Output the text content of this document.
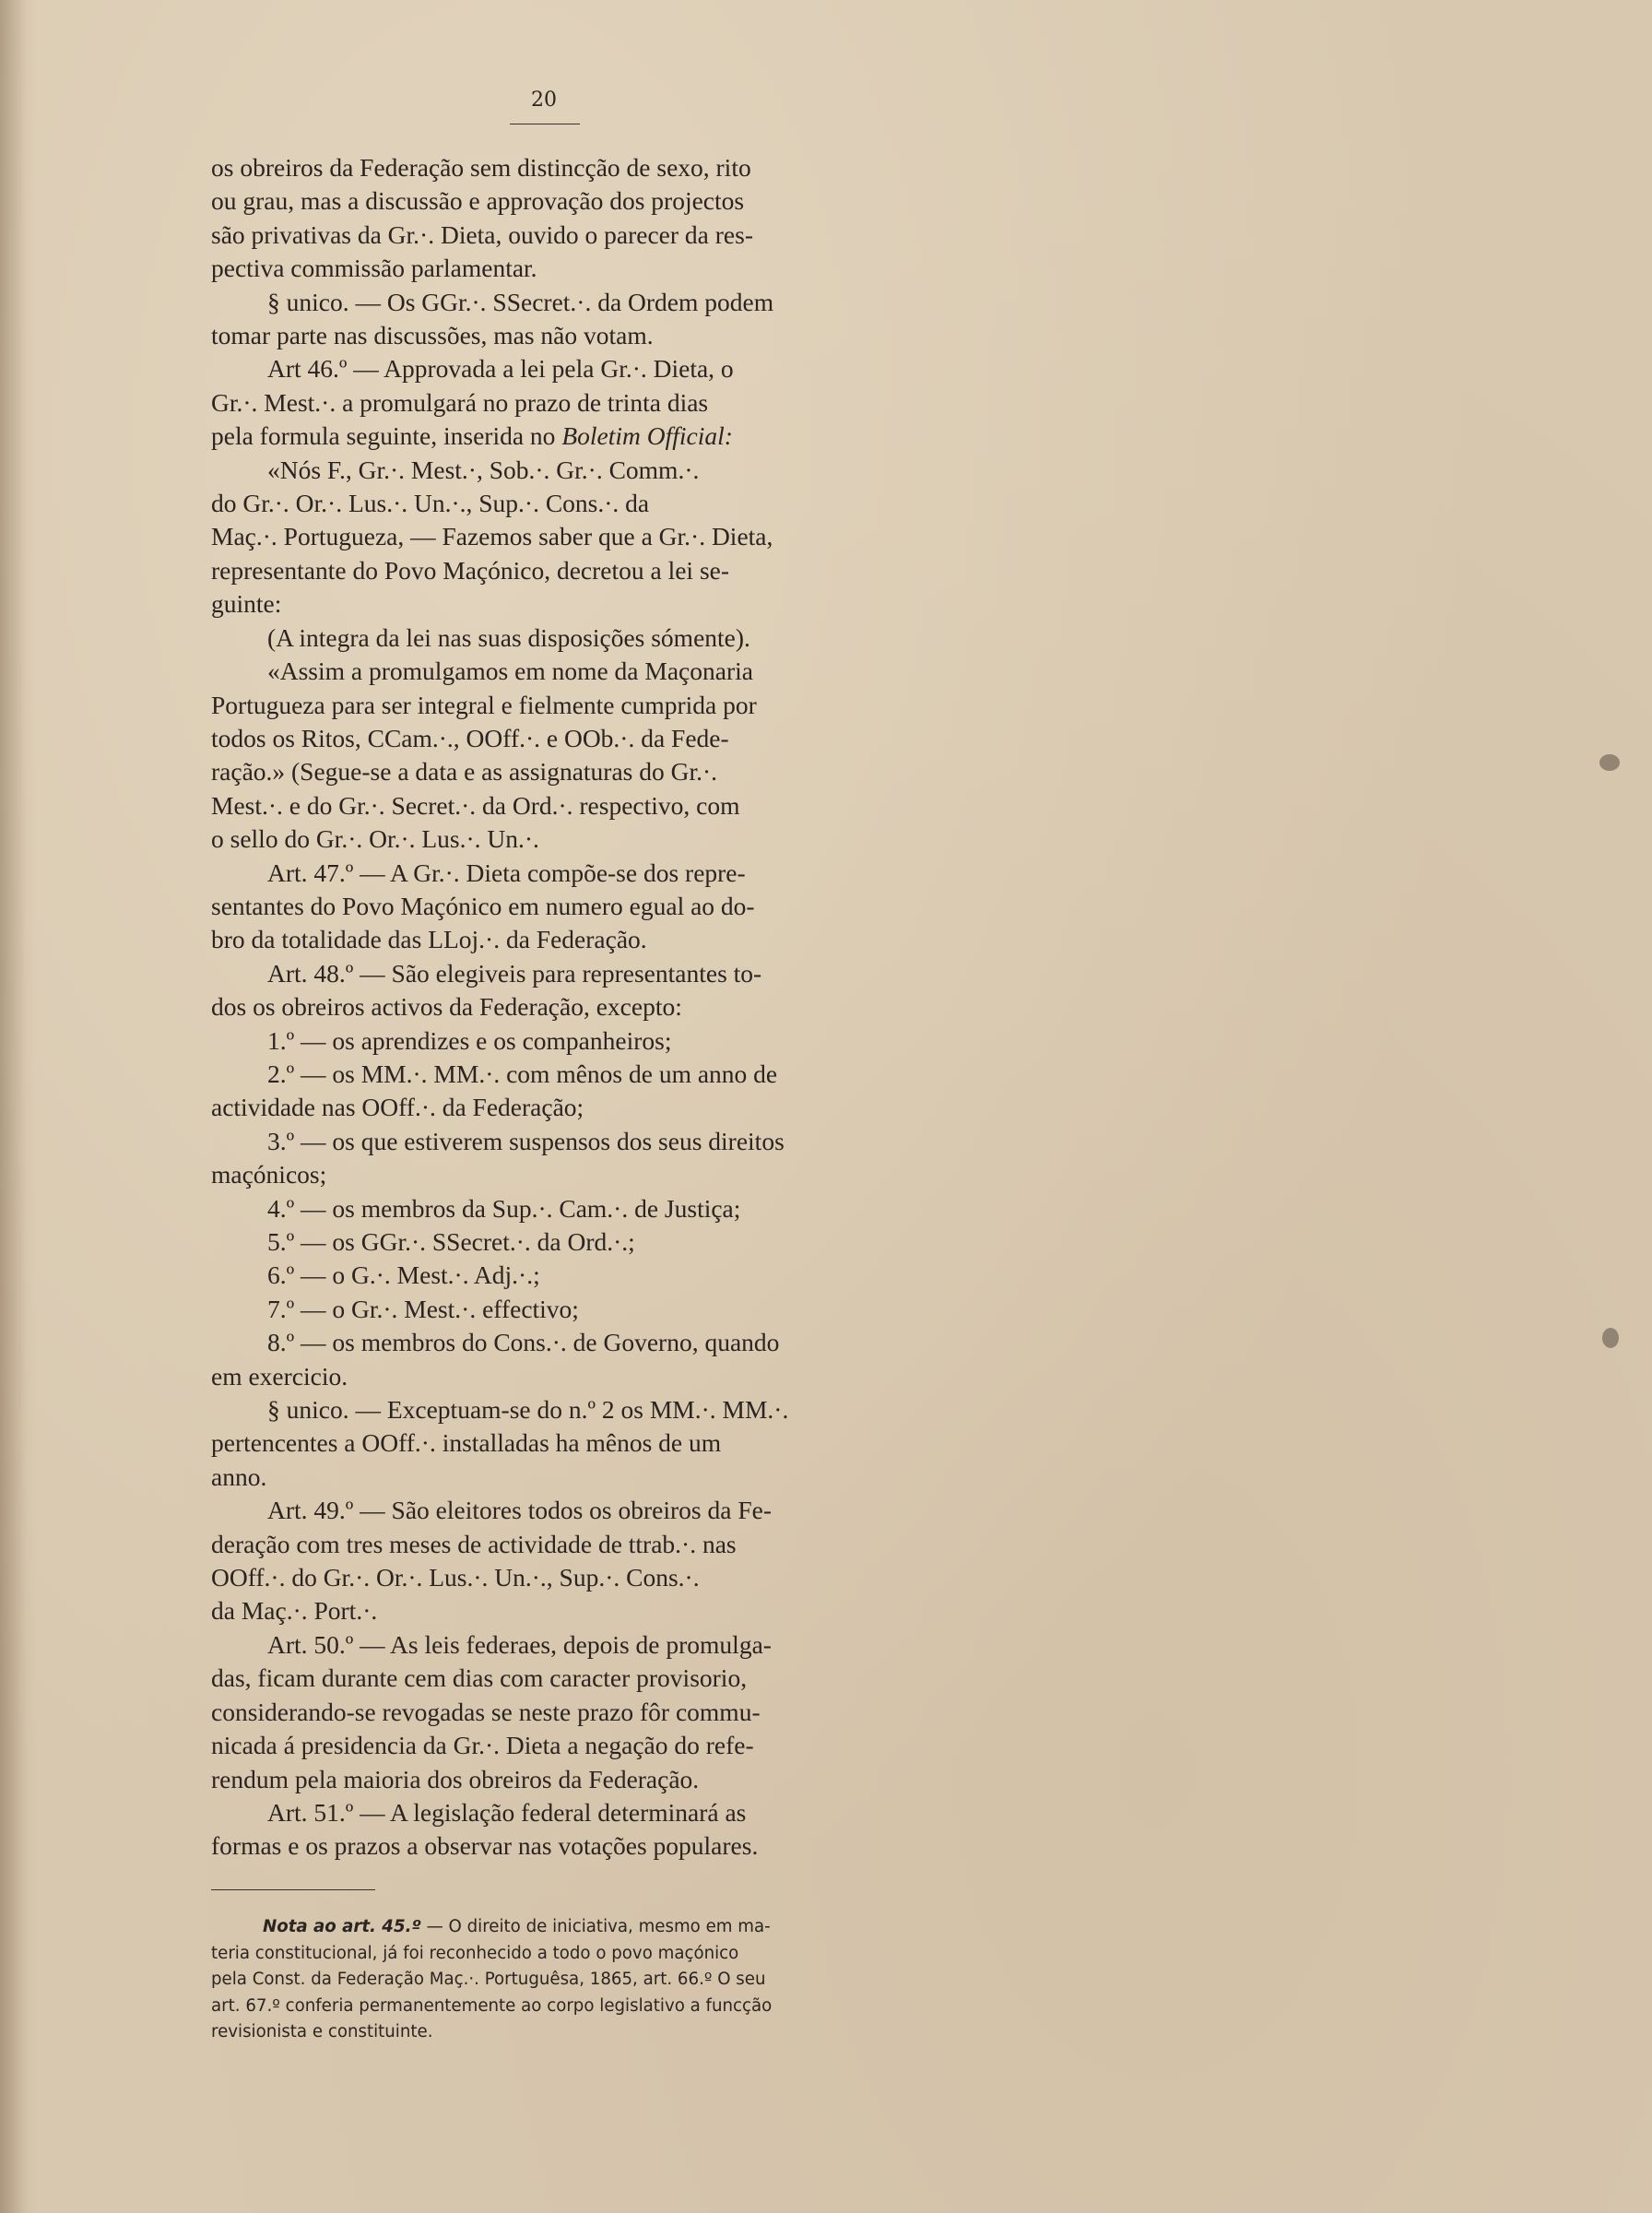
20

os obreiros da Federação sem distincção de sexo, rito

ou grau, mas a discussão e approvação dos projectos

são privativas da Gr.·. Dieta, ouvido o parecer da res-

pectiva commissão parlamentar.

§ unico. — Os GGr.·. SSecret.·. da Ordem podem

tomar parte nas discussões, mas não votam.

Art 46.º — Approvada a lei pela Gr.·. Dieta, o

Gr.·. Mest.·. a promulgará no prazo de trinta dias

pela formula seguinte, inserida no Boletim Official:

«Nós F., Gr.·. Mest.·, Sob.·. Gr.·. Comm.·.

do Gr.·. Or.·. Lus.·. Un.·., Sup.·. Cons.·. da

Maç.·. Portugueza, — Fazemos saber que a Gr.·. Dieta,

representante do Povo Maçónico, decretou a lei se-

guinte:

(A integra da lei nas suas disposições sómente).

«Assim a promulgamos em nome da Maçonaria

Portugueza para ser integral e fielmente cumprida por

todos os Ritos, CCam.·., OOff.·. e OOb.·. da Fede-

ração.» (Segue-se a data e as assignaturas do Gr.·.

Mest.·. e do Gr.·. Secret.·. da Ord.·. respectivo, com

o sello do Gr.·. Or.·. Lus.·. Un.·.

Art. 47.º — A Gr.·. Dieta compõe-se dos repre-

sentantes do Povo Maçónico em numero egual ao do-

bro da totalidade das LLoj.·. da Federação.

Art. 48.º — São elegiveis para representantes to-

dos os obreiros activos da Federação, excepto:

1.º — os aprendizes e os companheiros;

2.º — os MM.·. MM.·. com mênos de um anno de

actividade nas OOff.·. da Federação;

3.º — os que estiverem suspensos dos seus direitos

maçónicos;

4.º — os membros da Sup.·. Cam.·. de Justiça;

5.º — os GGr.·. SSecret.·. da Ord.·.;

6.º — o G.·. Mest.·. Adj.·.;

7.º — o Gr.·. Mest.·. effectivo;

8.º — os membros do Cons.·. de Governo, quando

em exercicio.

§ unico. — Exceptuam-se do n.º 2 os MM.·. MM.·.

pertencentes a OOff.·. installadas ha mênos de um

anno.

Art. 49.º — São eleitores todos os obreiros da Fe-

deração com tres meses de actividade de ttrab.·. nas

OOff.·. do Gr.·. Or.·. Lus.·. Un.·., Sup.·. Cons.·.

da Maç.·. Port.·.

Art. 50.º — As leis federaes, depois de promulga-

das, ficam durante cem dias com caracter provisorio,

considerando-se revogadas se neste prazo fôr commu-

nicada á presidencia da Gr.·. Dieta a negação do refe-

rendum pela maioria dos obreiros da Federação.

Art. 51.º — A legislação federal determinará as

formas e os prazos a observar nas votações populares.

Nota ao art. 45.º — O direito de iniciativa, mesmo em ma-
teria constitucional, já foi reconhecido a todo o povo maçónico
pela Const. da Federação Maç.·. Portuguêsa, 1865, art. 66.º O seu
art. 67.º conferia permanentemente ao corpo legislativo a funcção
revisionista e constituinte.
